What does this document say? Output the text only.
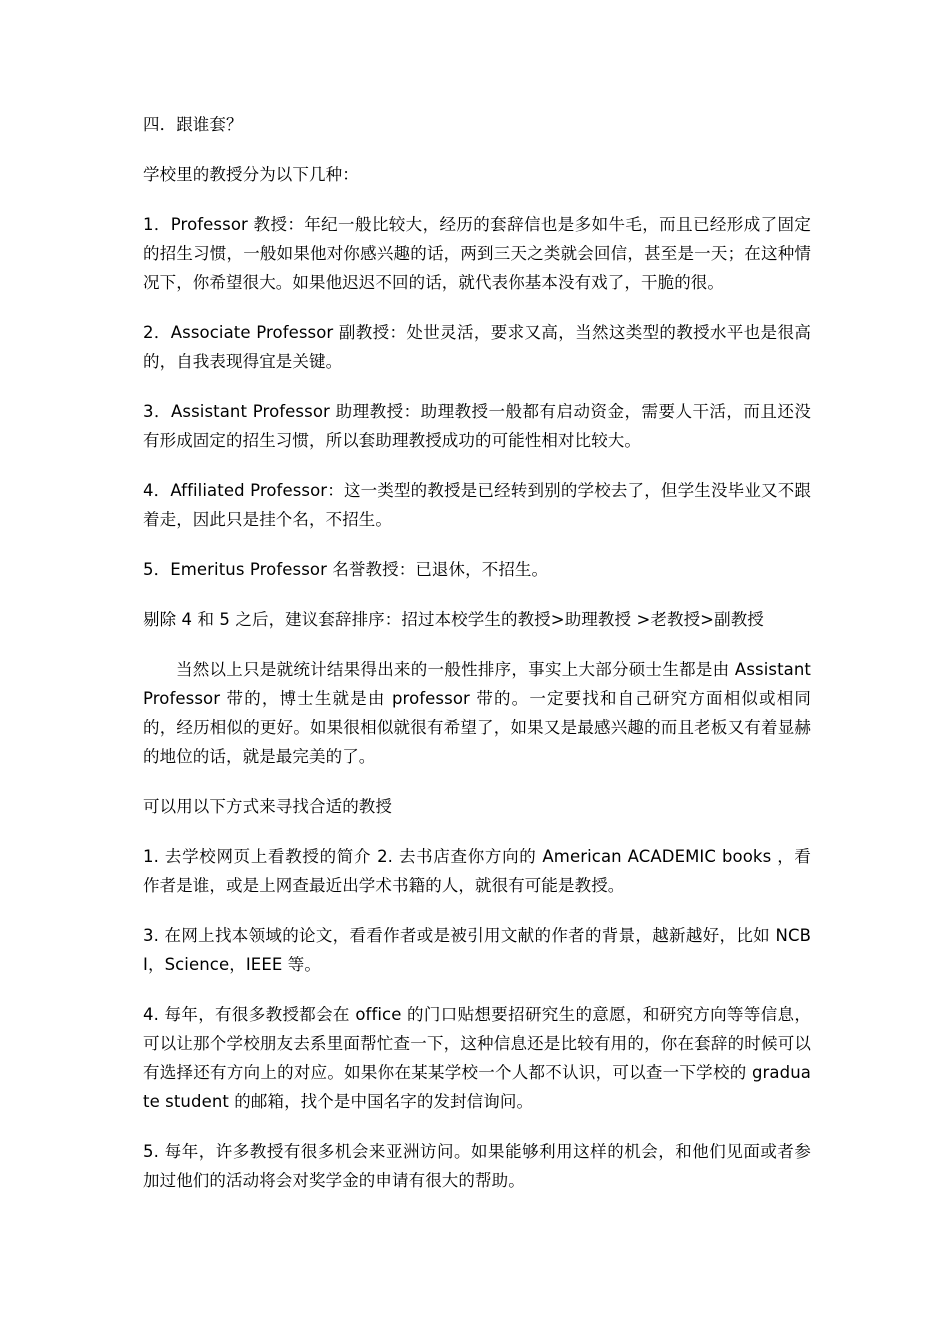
四．跟谁套？

学校里的教授分为以下几种：

1．Professor 教授：年纪一般比较大，经历的套辞信也是多如牛毛，而且已经形成了固定的招生习惯，一般如果他对你感兴趣的话，两到三天之类就会回信，甚至是一天；在这种情况下，你希望很大。如果他迟迟不回的话，就代表你基本没有戏了，干脆的很。

2．Associate Professor 副教授：处世灵活，要求又高，当然这类型的教授水平也是很高的，自我表现得宜是关键。

3．Assistant Professor 助理教授：助理教授一般都有启动资金，需要人干活，而且还没有形成固定的招生习惯，所以套助理教授成功的可能性相对比较大。

4．Affiliated Professor：这一类型的教授是已经转到别的学校去了，但学生没毕业又不跟着走，因此只是挂个名，不招生。

5．Emeritus Professor 名誉教授：已退休，不招生。

剔除 4 和 5 之后，建议套辞排序：招过本校学生的教授>助理教授 >老教授>副教授

当然以上只是就统计结果得出来的一般性排序，事实上大部分硕士生都是由 Assistant Professor 带的，博士生就是由 professor 带的。一定要找和自己研究方面相似或相同的，经历相似的更好。如果很相似就很有希望了，如果又是最感兴趣的而且老板又有着显赫的地位的话，就是最完美的了。

可以用以下方式来寻找合适的教授

1. 去学校网页上看教授的简介 2. 去书店查你方向的 American ACADEMIC books ，看作者是谁，或是上网查最近出学术书籍的人，就很有可能是教授。

3. 在网上找本领域的论文，看看作者或是被引用文献的作者的背景，越新越好，比如 NCBI，Science，IEEE 等。

4. 每年，有很多教授都会在 office 的门口贴想要招研究生的意愿，和研究方向等等信息，可以让那个学校朋友去系里面帮忙查一下，这种信息还是比较有用的，你在套辞的时候可以有选择还有方向上的对应。如果你在某某学校一个人都不认识，可以查一下学校的 graduate student 的邮箱，找个是中国名字的发封信询问。

5. 每年，许多教授有很多机会来亚洲访问。如果能够利用这样的机会，和他们见面或者参加过他们的活动将会对奖学金的申请有很大的帮助。
